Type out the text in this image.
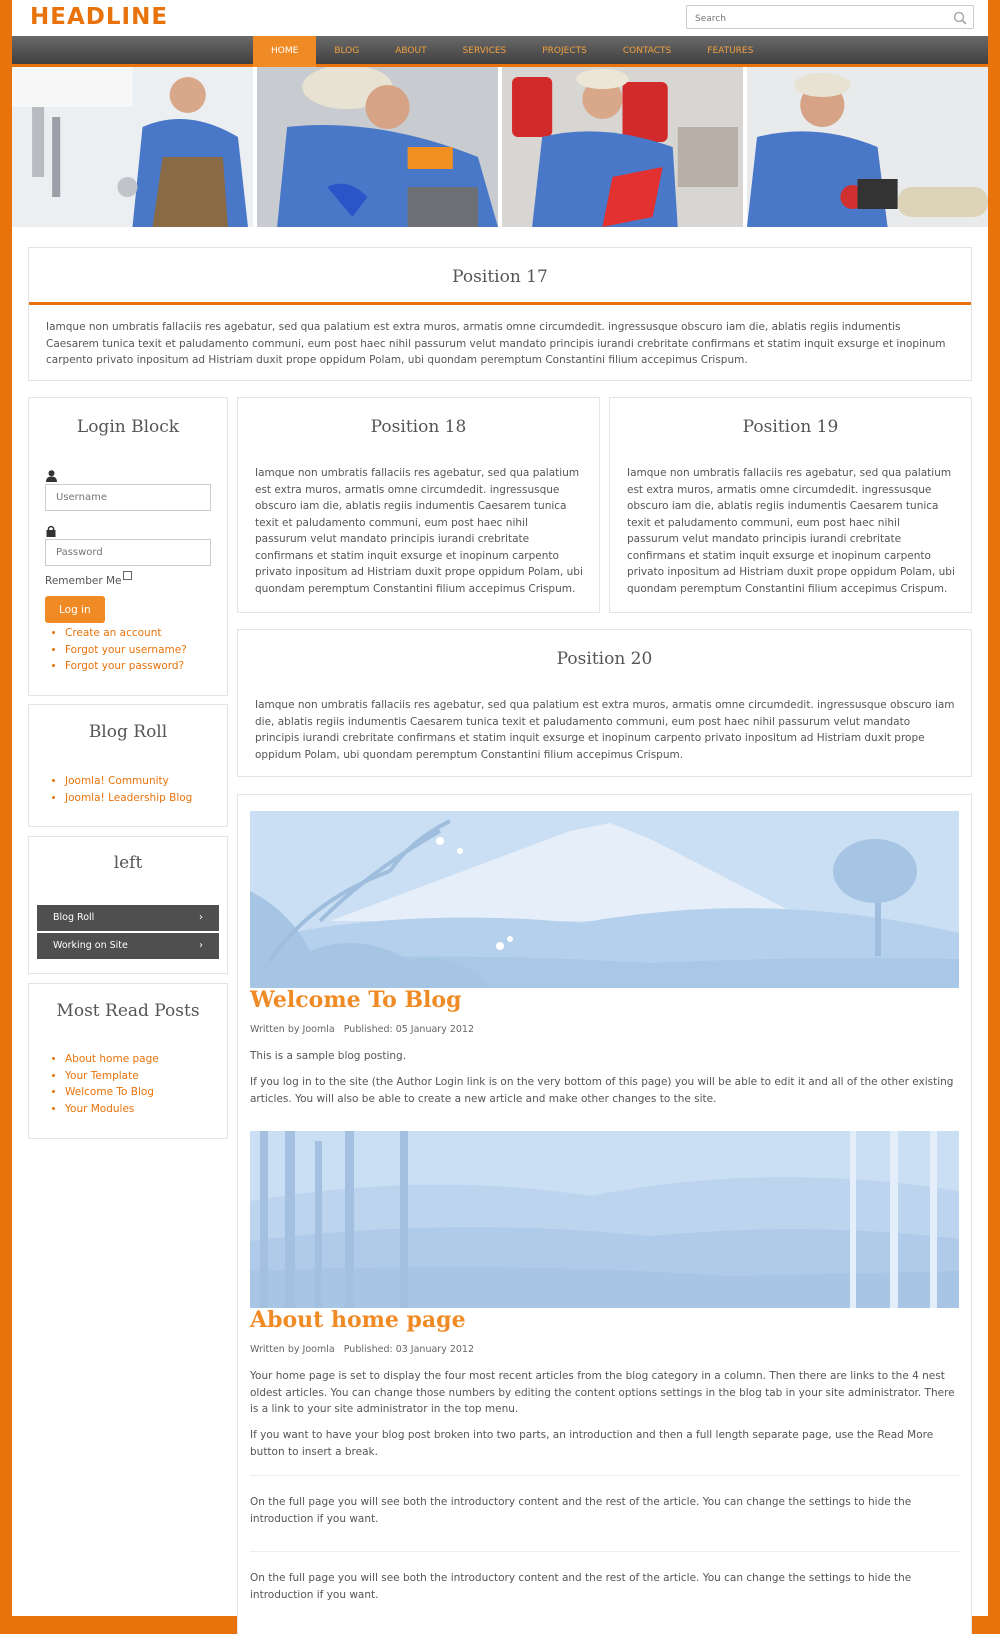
HEADLINE
Search
HOME	BLOG	ABOUT	SERVICES	PROJECTS	CONTACTS	FEATURES
Position 17

Iamque non umbratis fallaciis res agebatur, sed qua palatium est extra muros, armatis omne circumdedit. ingressusque obscuro iam die, ablatis regiis indumentis Caesarem tunica texit et paludamento communi, eum post haec nihil passurum velut mandato principis iurandi crebritate confirmans et statim inquit exsurge et inopinum carpento privato inpositum ad Histriam duxit prope oppidum Polam, ubi quondam peremptum Constantini filium accepimus Crispum.

Login Block
Username
Remember Me
Log in
• Create an account
• Forgot your username?
• Forgot your password?
Blog Roll
• Joomla! Community
• Joomla! Leadership Blog
left
Blog Roll	›
Working on Site	›
Most Read Posts
• About home page
• Your Template
• Welcome To Blog
• Your Modules
Position 18

Iamque non umbratis fallaciis res agebatur, sed qua palatium est extra muros, armatis omne circumdedit. ingressusque obscuro iam die, ablatis regiis indumentis Caesarem tunica texit et paludamento communi, eum post haec nihil passurum velut mandato principis iurandi crebritate confirmans et statim inquit exsurge et inopinum carpento privato inpositum ad Histriam duxit prope oppidum Polam, ubi quondam peremptum Constantini filium accepimus Crispum.

Position 19

Iamque non umbratis fallaciis res agebatur, sed qua palatium est extra muros, armatis omne circumdedit. ingressusque obscuro iam die, ablatis regiis indumentis Caesarem tunica texit et paludamento communi, eum post haec nihil passurum velut mandato principis iurandi crebritate confirmans et statim inquit exsurge et inopinum carpento privato inpositum ad Histriam duxit prope oppidum Polam, ubi quondam peremptum Constantini filium accepimus Crispum.

Position 20

Iamque non umbratis fallaciis res agebatur, sed qua palatium est extra muros, armatis omne circumdedit. ingressusque obscuro iam die, ablatis regiis indumentis Caesarem tunica texit et paludamento communi, eum post haec nihil passurum velut mandato principis iurandi crebritate confirmans et statim inquit exsurge et inopinum carpento privato inpositum ad Histriam duxit prope oppidum Polam, ubi quondam peremptum Constantini filium accepimus Crispum.

Welcome To Blog
Written by Joomla Published: 05 January 2012

This is a sample blog posting.

If you log in to the site (the Author Login link is on the very bottom of this page) you will be able to edit it and all of the other existing articles. You will also be able to create a new article and make other changes to the site.

About home page
Written by Joomla Published: 03 January 2012

Your home page is set to display the four most recent articles from the blog category in a column. Then there are links to the 4 nest oldest articles. You can change those numbers by editing the content options settings in the blog tab in your site administrator. There is a link to your site administrator in the top menu.

If you want to have your blog post broken into two parts, an introduction and then a full length separate page, use the Read More button to insert a break.

On the full page you will see both the introductory content and the rest of the article. You can change the settings to hide the introduction if you want.

On the full page you will see both the introductory content and the rest of the article. You can change the settings to hide the introduction if you want.
